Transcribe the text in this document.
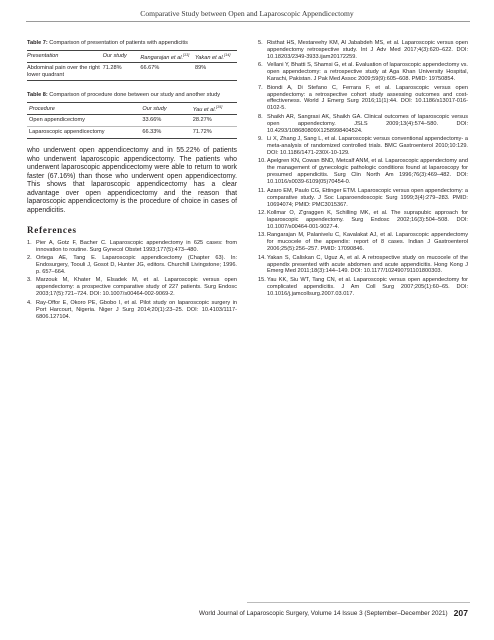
Comparative Study between Open and Laparoscopic Appendicectomy

Table 7: Comparison of presentation of patients with appendicitis

Presentation	Our study	Rangarajan et al.[13]	Yakan et al.[14]
Abdominal pain over the right lower quadrant	71.28%	66.67%	89%

Table 8: Comparison of procedure done between our study and another study

Procedure	Our study	Yau et al.[15]
Open appendicectomy	33.66%	28.27%
Laparoscopic appendicectomy	66.33%	71.72%

who underwent open appendicectomy and in 55.22% of patients who underwent laparoscopic appendicectomy. The patients who underwent laparoscopic appendicectomy were able to return to work faster (67.16%) than those who underwent open appendicectomy. This shows that laparoscopic appendicectomy has a clear advantage over open appendicectomy and the reason that laparoscopic appendicectomy is the procedure of choice in cases of appendicitis.

References
1. Pier A, Gotz F, Bacher C. Laparoscopic appendectomy in 625 cases: from innovation to routine. Surg Gynecol Obstet 1993;177(5):473–480.
2. Ortega AE, Tang E. Laparoscopic appendicectomy (Chapter 63). In: Endosurgery, Toouli J, Gosot D, Hunter JG, editors. Churchill Livingstone; 1996. p. 657–664.
3. Marzouk M, Khater M, Elsadek M, et al. Laparoscopic versus open appendectomy: a prospective comparative study of 227 patients. Surg Endosc 2003;17(5):721–724. DOI: 10.1007/s00464-002-9069-2.
4. Ray-Offor E, Okoro PE, Gbobo I, et al. Pilot study on laparoscopic surgery in Port Harcourt, Nigeria. Niger J Surg 2014;20(1):23–25. DOI: 10.4103/1117-6806.127104.
5. Risthat HS, Mestareehy KM, Al Jababdeh MS, et al. Laparoscopic versus open appendectomy retrospective study. Int J Adv Med 2017;4(3):620–622. DOI: 10.18203/2349-3933.ijam20172259.
6. Vellani Y, Bhatti S, Shamsi G, et al. Evaluation of laparoscopic appendectomy vs. open appendectomy: a retrospective study at Aga Khan University Hospital, Karachi, Pakistan. J Pak Med Assoc 2009;59(9):605–608. PMID: 19750854.
7. Biondi A, Di Stefano C, Ferrara F, et al. Laparoscopic versus open appendectomy: a retrospective cohort study assessing outcomes and cost-effectiveness. World J Emerg Surg 2016;11(1):44. DOI: 10.1186/s13017-016-0102-5.
8. Shaikh AR, Sangrasi AK, Shaikh GA. Clinical outcomes of laparoscopic versus open appendectomy. JSLS 2009;13(4):574–580. DOI: 10.4293/108680809X1258998404524.
9. Li X, Zhang J, Sang L, et al. Laparoscopic versus conventional appendectomy- a meta-analysis of randomized controlled trials. BMC Gastroenterol 2010;10:129. DOI: 10.1186/1471-230X-10-129.
10. Apelgren KN, Cowan BND, Metcalf ANM, et al. Laparoscopic appendectomy and the management of gynecologic pathologic conditions found at laparoscopy for presumed appendicitis. Surg Clin North Am 1996;76(3):469–482. DOI: 10.1016/s0039-6109(05)70454-0.
11. Azaro EM, Paulo CG, Ettinger ETM. Laparoscopic versus open appendectomy: a comparative study. J Soc Laparoendoscopic Surg 1999;3(4):279–283. PMID: 10694074; PMID: PMC3015367.
12. Kollmar O, Z'graggen K, Schilling MK, et al. The suprapubic approach for laparoscopic appendectomy. Surg Endosc 2002;16(3):504–508. DOI: 10.1007/s00464-001-9027-4.
13. Rangarajan M, Palanivelu C, Kavalakat AJ, et al. Laparoscopic appendectomy for mucocele of the appendix: report of 8 cases. Indian J Gastroenterol 2006;25(5):256–257. PMID: 17090846.
14. Yakan S, Caliskan C, Uguz A, et al. A retrospective study on mucocele of the appendix presented with acute abdomen and acute appendicitis. Hong Kong J Emerg Med 2011;18(3):144–149. DOI: 10.1177/102490791101800303.
15. Yau KK, Siu WT, Tang CN, et al. Laparoscopic versus open appendectomy for complicated appendicitis. J Am Coll Surg 2007;205(1):60–65. DOI: 10.1016/j.jamcollsurg.2007.03.017.
World Journal of Laparoscopic Surgery, Volume 14 Issue 3 (September–December 2021) 207
